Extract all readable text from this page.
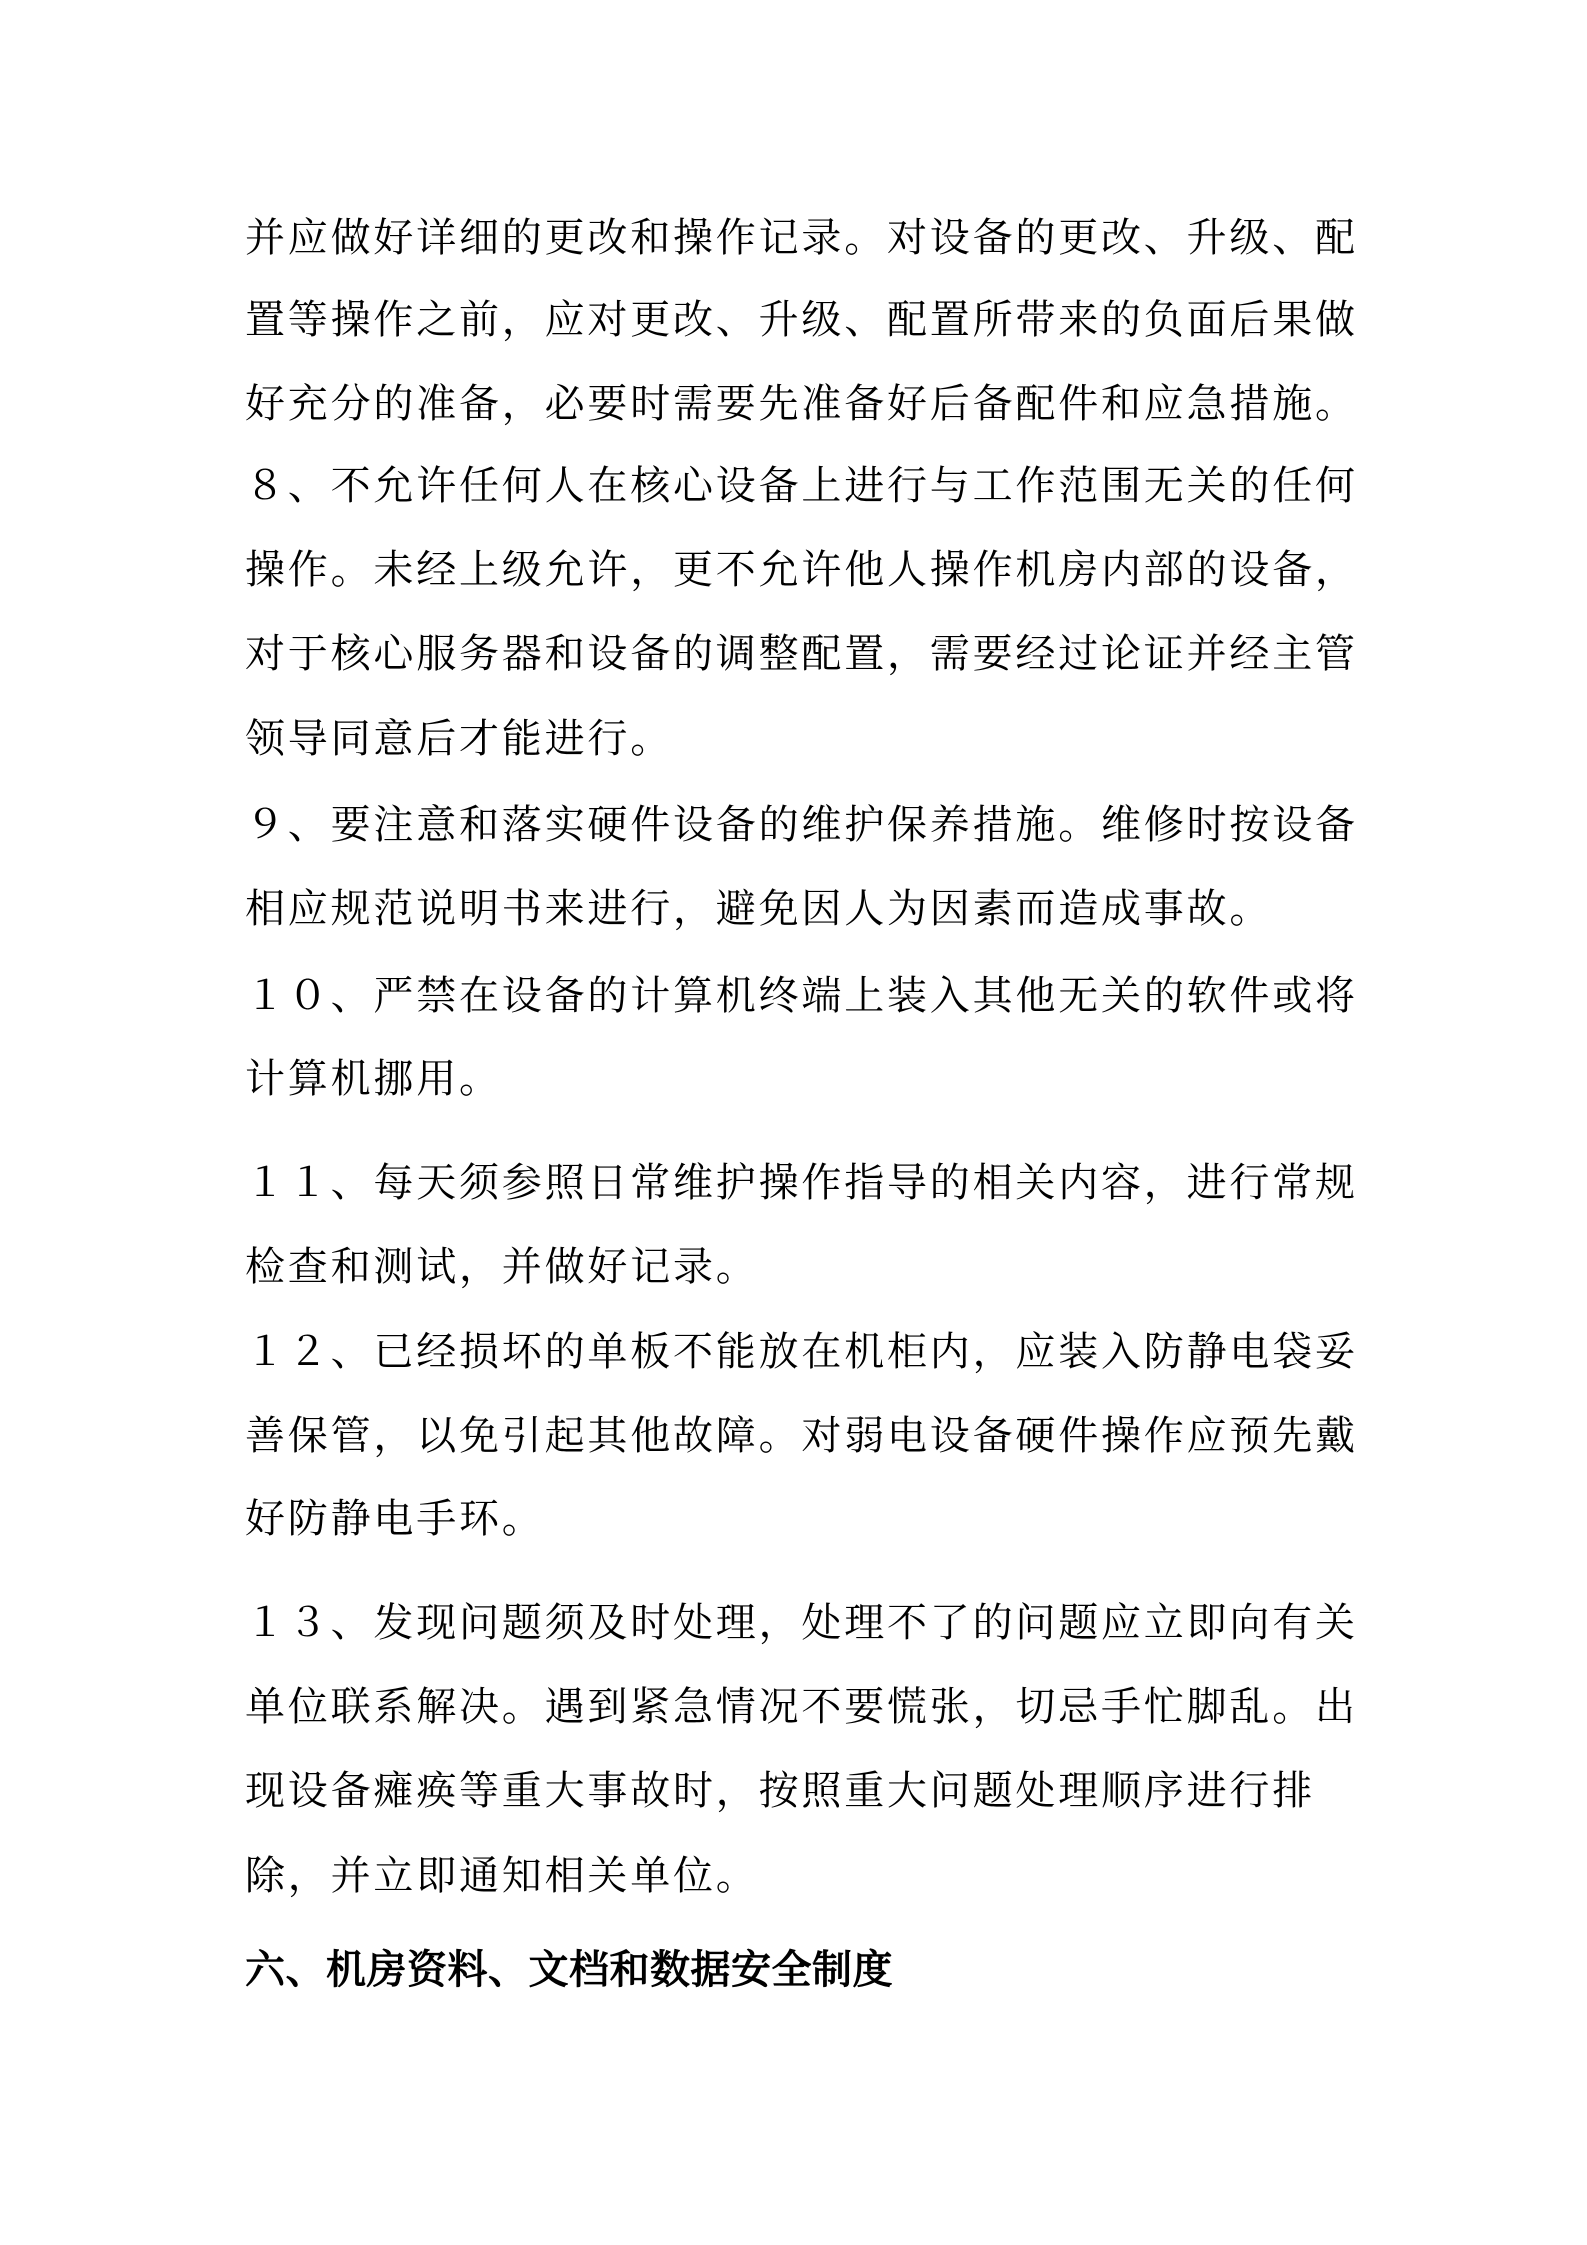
并应做好详细的更改和操作记录。对设备的更改、升级、配
置等操作之前，应对更改、升级、配置所带来的负面后果做
好充分的准备，必要时需要先准备好后备配件和应急措施。
８、不允许任何人在核心设备上进行与工作范围无关的任何
操作。未经上级允许，更不允许他人操作机房内部的设备，
对于核心服务器和设备的调整配置，需要经过论证并经主管
领导同意后才能进行。
９、要注意和落实硬件设备的维护保养措施。维修时按设备
相应规范说明书来进行，避免因人为因素而造成事故。
１０、严禁在设备的计算机终端上装入其他无关的软件或将
计算机挪用。
１１、每天须参照日常维护操作指导的相关内容，进行常规
检查和测试，并做好记录。
１２、已经损坏的单板不能放在机柜内，应装入防静电袋妥
善保管，以免引起其他故障。对弱电设备硬件操作应预先戴
好防静电手环。
１３、发现问题须及时处理，处理不了的问题应立即向有关
单位联系解决。遇到紧急情况不要慌张，切忌手忙脚乱。出
现设备瘫痪等重大事故时，按照重大问题处理顺序进行排
除，并立即通知相关单位。
六、机房资料、文档和数据安全制度
